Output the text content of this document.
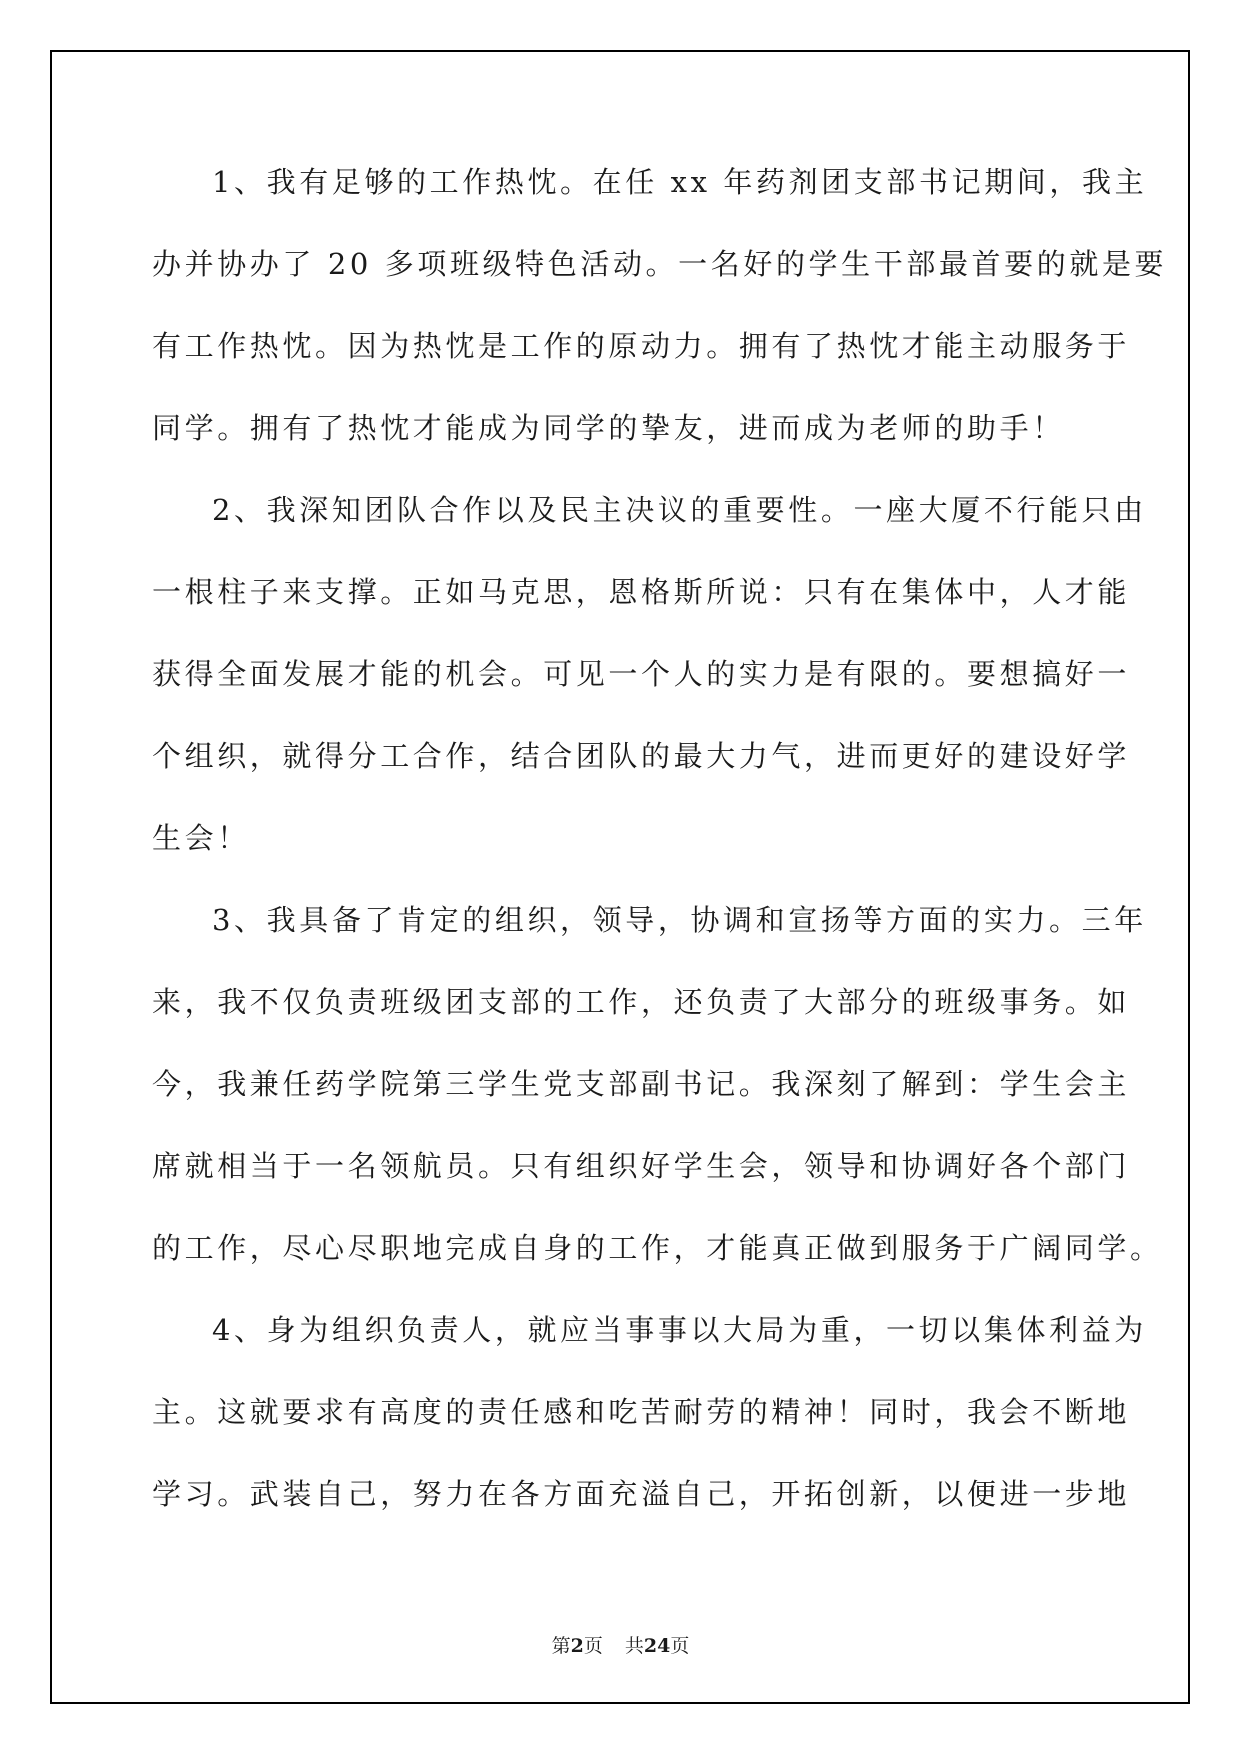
1、我有足够的工作热忱。在任 xx 年药剂团支部书记期间，我主
办并协办了 20 多项班级特色活动。一名好的学生干部最首要的就是要
有工作热忱。因为热忱是工作的原动力。拥有了热忱才能主动服务于
同学。拥有了热忱才能成为同学的挚友，进而成为老师的助手！
2、我深知团队合作以及民主决议的重要性。一座大厦不行能只由
一根柱子来支撑。正如马克思，恩格斯所说：只有在集体中，人才能
获得全面发展才能的机会。可见一个人的实力是有限的。要想搞好一
个组织，就得分工合作，结合团队的最大力气，进而更好的建设好学
生会！
3、我具备了肯定的组织，领导，协调和宣扬等方面的实力。三年
来，我不仅负责班级团支部的工作，还负责了大部分的班级事务。如
今，我兼任药学院第三学生党支部副书记。我深刻了解到：学生会主
席就相当于一名领航员。只有组织好学生会，领导和协调好各个部门
的工作，尽心尽职地完成自身的工作，才能真正做到服务于广阔同学。
4、身为组织负责人，就应当事事以大局为重，一切以集体利益为
主。这就要求有高度的责任感和吃苦耐劳的精神！同时，我会不断地
学习。武装自己，努力在各方面充溢自己，开拓创新，以便进一步地
第2页 共24页
